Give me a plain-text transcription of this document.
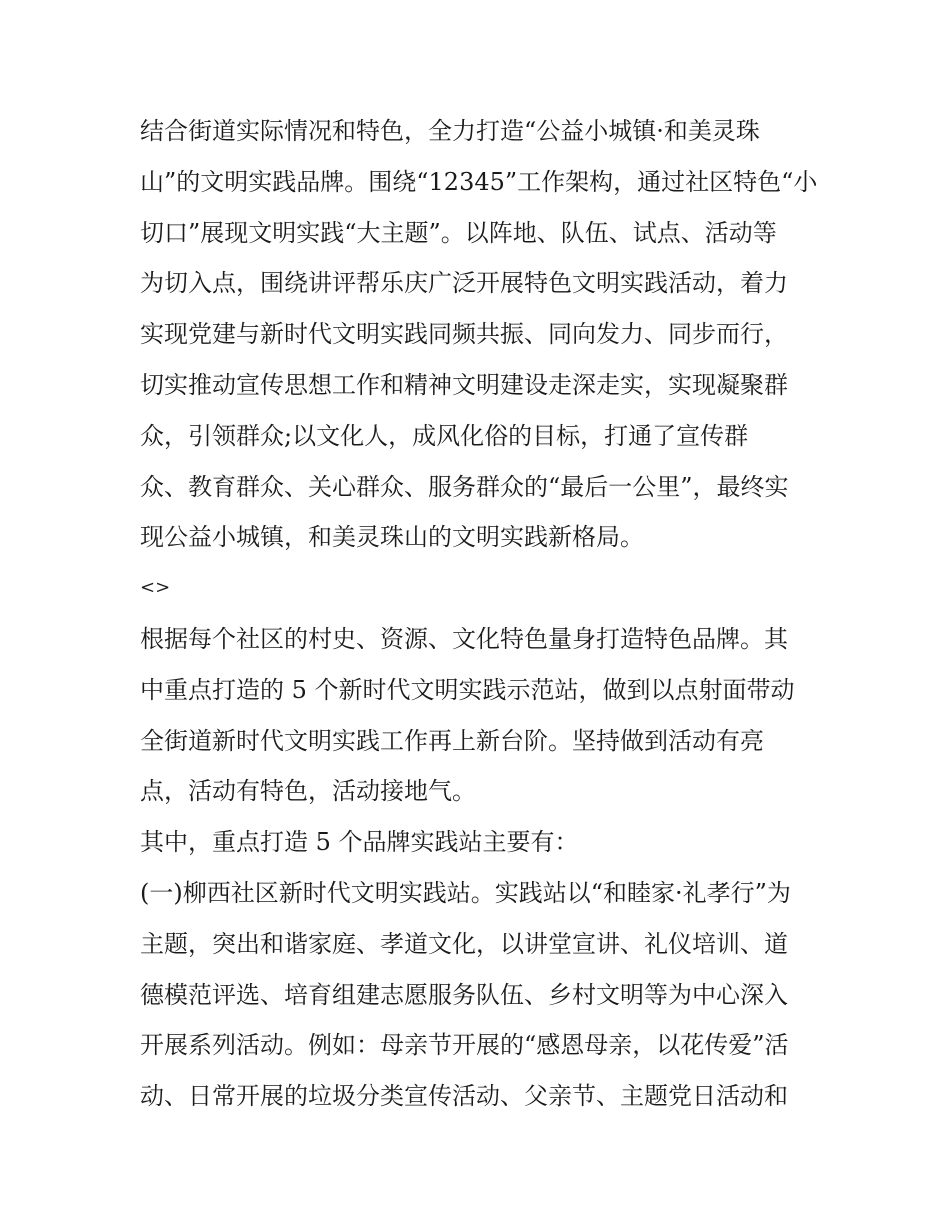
结合街道实际情况和特色，全力打造“公益小城镇·和美灵珠
山”的文明实践品牌。围绕“12345”工作架构，通过社区特色“小
切口”展现文明实践“大主题”。以阵地、队伍、试点、活动等
为切入点，围绕讲评帮乐庆广泛开展特色文明实践活动，着力
实现党建与新时代文明实践同频共振、同向发力、同步而行，
切实推动宣传思想工作和精神文明建设走深走实，实现凝聚群
众，引领群众;以文化人，成风化俗的目标，打通了宣传群
众、教育群众、关心群众、服务群众的“最后一公里”，最终实
现公益小城镇，和美灵珠山的文明实践新格局。
<>
根据每个社区的村史、资源、文化特色量身打造特色品牌。其
中重点打造的 5 个新时代文明实践示范站，做到以点射面带动
全街道新时代文明实践工作再上新台阶。坚持做到活动有亮
点，活动有特色，活动接地气。
其中，重点打造 5 个品牌实践站主要有：
(一)柳西社区新时代文明实践站。实践站以“和睦家·礼孝行”为
主题，突出和谐家庭、孝道文化，以讲堂宣讲、礼仪培训、道
德模范评选、培育组建志愿服务队伍、乡村文明等为中心深入
开展系列活动。例如：母亲节开展的“感恩母亲，以花传爱”活
动、日常开展的垃圾分类宣传活动、父亲节、主题党日活动和
